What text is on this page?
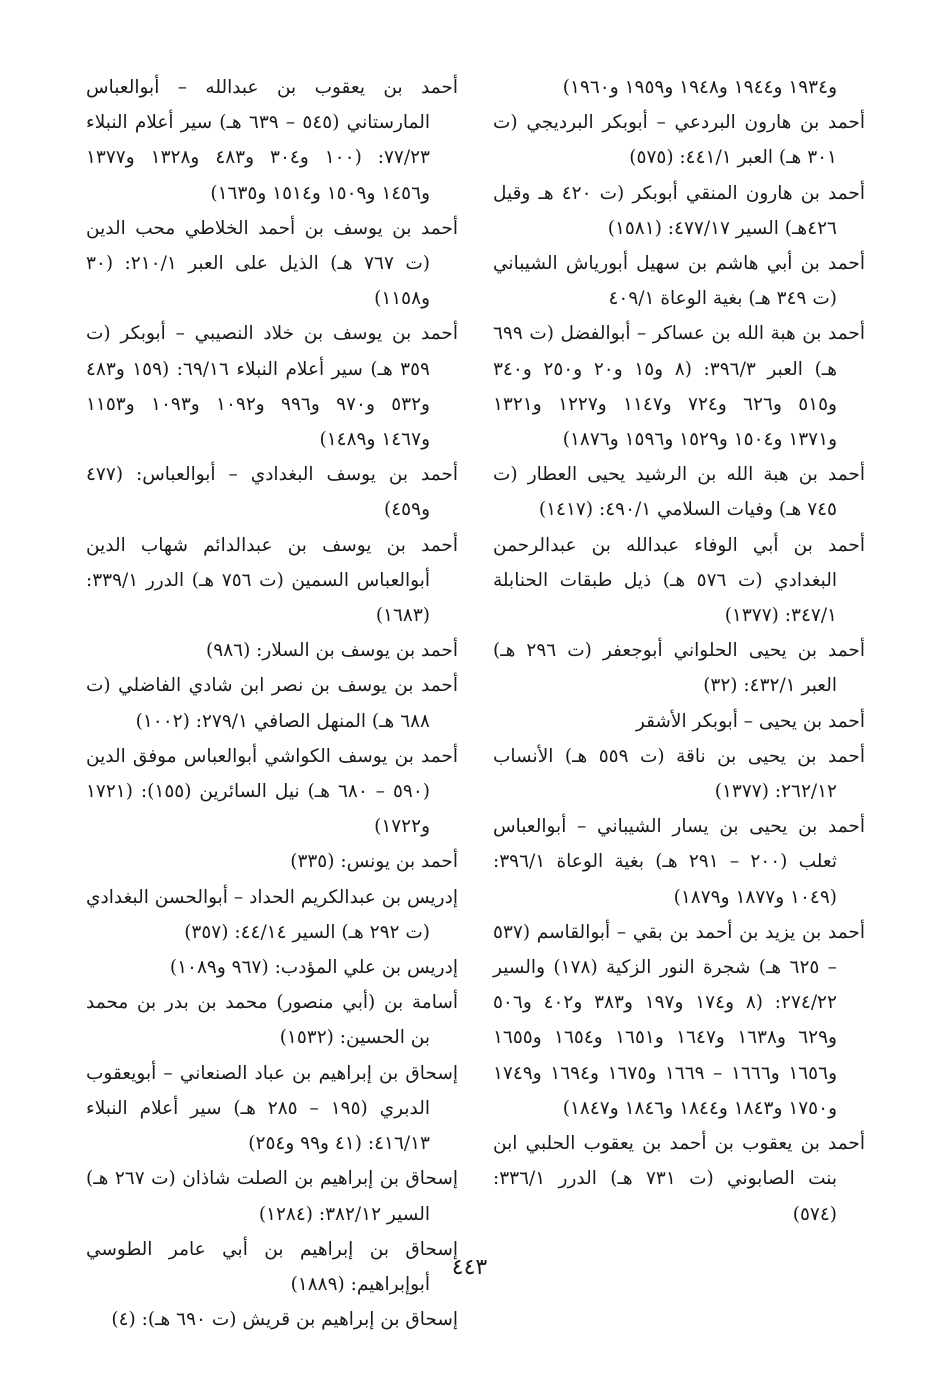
و١٩٣٤ و١٩٤٤ و١٩٤٨ و١٩٥٩ و١٩٦٠)

أحمد بن هارون البردعي – أبوبكر البرديجي (ت ٣٠١ هـ) العبر ٤٤١/١: (٥٧٥)

أحمد بن هارون المنقي أبوبكر (ت ٤٢٠ هـ وقيل ٤٢٦هـ) السير ٤٧٧/١٧: (١٥٨١)

أحمد بن أبي هاشم بن سهيل أبورياش الشيباني (ت ٣٤٩ هـ) بغية الوعاة ٤٠٩/١

أحمد بن هبة الله بن عساكر – أبوالفضل (ت ٦٩٩ هـ) العبر ٣٩٦/٣: (٨ و١٥ و٢٠ و٢٥٠ و٣٤٠ و٥١٥ و٦٢٦ و٧٢٤ و١١٤٧ و١٢٢٧ و١٣٢١ و١٣٧١ و١٥٠٤ و١٥٢٩ و١٥٩٦ و١٨٧٦)

أحمد بن هبة الله بن الرشيد يحيى العطار (ت ٧٤٥ هـ) وفيات السلامي ٤٩٠/١: (١٤١٧)

أحمد بن أبي الوفاء عبدالله بن عبدالرحمن البغدادي (ت ٥٧٦ هـ) ذيل طبقات الحنابلة ٣٤٧/١: (١٣٧٧)

أحمد بن يحيى الحلواني أبوجعفر (ت ٢٩٦ هـ) العبر ٤٣٢/١: (٣٢)

أحمد بن يحيى – أبوبكر الأشقر

أحمد بن يحيى بن ناقة (ت ٥٥٩ هـ) الأنساب ٢٦٢/١٢: (١٣٧٧)

أحمد بن يحيى بن يسار الشيباني – أبوالعباس ثعلب (٢٠٠ – ٢٩١ هـ) بغية الوعاة ٣٩٦/١: (١٠٤٩ و١٨٧٧ و١٨٧٩)

أحمد بن يزيد بن أحمد بن بقي – أبوالقاسم (٥٣٧ – ٦٢٥ هـ) شجرة النور الزكية (١٧٨) والسير ٢٧٤/٢٢: (٨ و١٧٤ و١٩٧ و٣٨٣ و٤٠٢ و٥٠٦ و٦٢٩ و١٦٣٨ و١٦٤٧ و١٦٥١ و١٦٥٤ و١٦٥٥ و١٦٥٦ و١٦٦٦ – ١٦٦٩ و١٦٧٥ و١٦٩٤ و١٧٤٩ و١٧٥٠ و١٨٤٣ و١٨٤٤ و١٨٤٦ و١٨٤٧)

أحمد بن يعقوب بن أحمد بن يعقوب الحلبي ابن بنت الصابوني (ت ٧٣١ هـ) الدرر ٣٣٦/١: (٥٧٤)

أحمد بن يعقوب بن عبدالله – أبوالعباس المارستاني (٥٤٥ – ٦٣٩ هـ) سير أعلام النبلاء ٧٧/٢٣: (١٠٠ و٣٠٤ و٤٨٣ و١٣٢٨ و١٣٧٧ و١٤٥٦ و١٥٠٩ و١٥١٤ و١٦٣٥)

أحمد بن يوسف بن أحمد الخلاطي محب الدين (ت ٧٦٧ هـ) الذيل على العبر ٢١٠/١: (٣٠ و١١٥٨)

أحمد بن يوسف بن خلاد النصيبي – أبوبكر (ت ٣٥٩ هـ) سير أعلام النبلاء ٦٩/١٦: (١٥٩ و٤٨٣ و٥٣٢ و٩٧٠ و٩٩٦ و١٠٩٢ و١٠٩٣ و١١٥٣ و١٤٦٧ و١٤٨٩)

أحمد بن يوسف البغدادي – أبوالعباس: (٤٧٧ و٤٥٩)

أحمد بن يوسف بن عبدالدائم شهاب الدين أبوالعباس السمين (ت ٧٥٦ هـ) الدرر ٣٣٩/١: (١٦٨٣)

أحمد بن يوسف بن السلار: (٩٨٦)

أحمد بن يوسف بن نصر ابن شادي الفاضلي (ت ٦٨٨ هـ) المنهل الصافي ٢٧٩/١: (١٠٠٢)

أحمد بن يوسف الكواشي أبوالعباس موفق الدين (٥٩٠ – ٦٨٠ هـ) نيل السائرين (١٥٥): (١٧٢١ و١٧٢٢)

أحمد بن يونس: (٣٣٥)

إدريس بن عبدالكريم الحداد – أبوالحسن البغدادي (ت ٢٩٢ هـ) السير ٤٤/١٤: (٣٥٧)

إدريس بن علي المؤدب: (٩٦٧ و١٠٨٩)

أسامة بن (أبي منصور) محمد بن بدر بن محمد بن الحسين: (١٥٣٢)

إسحاق بن إبراهيم بن عباد الصنعاني – أبويعقوب الدبري (١٩٥ – ٢٨٥ هـ) سير أعلام النبلاء ٤١٦/١٣: (٤١ و٩٩ و٢٥٤)

إسحاق بن إبراهيم بن الصلت شاذان (ت ٢٦٧ هـ) السير ٣٨٢/١٢: (١٢٨٤)

إسحاق بن إبراهيم بن أبي عامر الطوسي أبوإبراهيم: (١٨٨٩)

إسحاق بن إبراهيم بن قريش (ت ٦٩٠ هـ): (٤)

٤٤٣
